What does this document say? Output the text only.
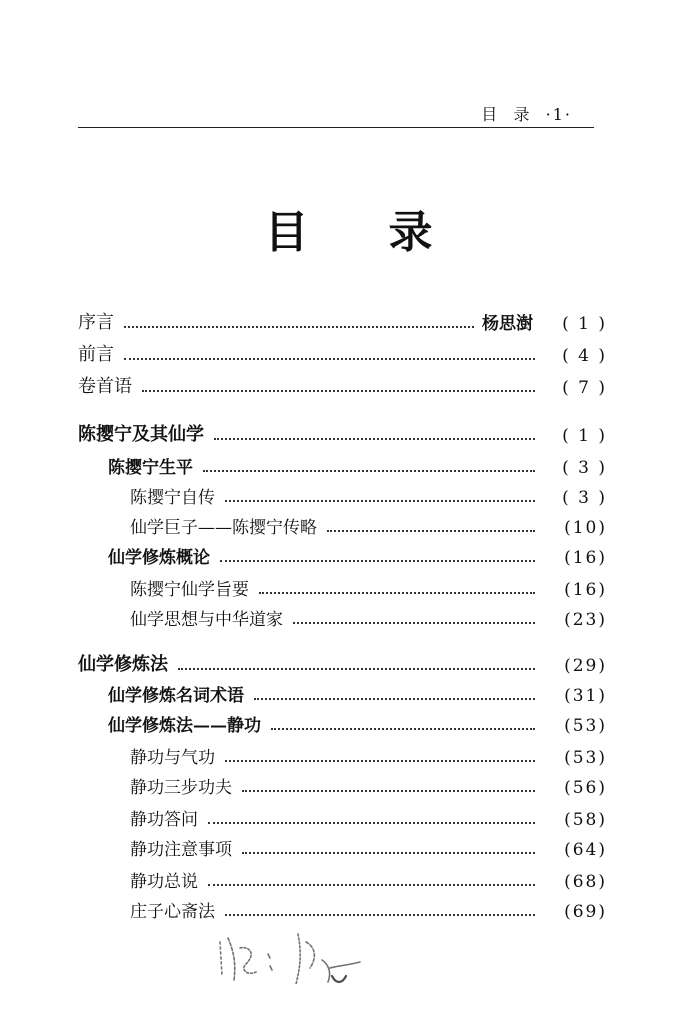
目  录  ·1·
目录
序言	杨思澍	( 1 )
前言	( 4 )
卷首语	( 7 )
陈撄宁及其仙学	( 1 )
陈撄宁生平	( 3 )
陈撄宁自传	( 3 )
仙学巨子——陈撄宁传略	(10)
仙学修炼概论	(16)
陈撄宁仙学旨要	(16)
仙学思想与中华道家	(23)
仙学修炼法	(29)
仙学修炼名词术语	(31)
仙学修炼法——静功	(53)
静功与气功	(53)
静功三步功夫	(56)
静功答问	(58)
静功注意事项	(64)
静功总说	(68)
庄子心斋法	(69)
